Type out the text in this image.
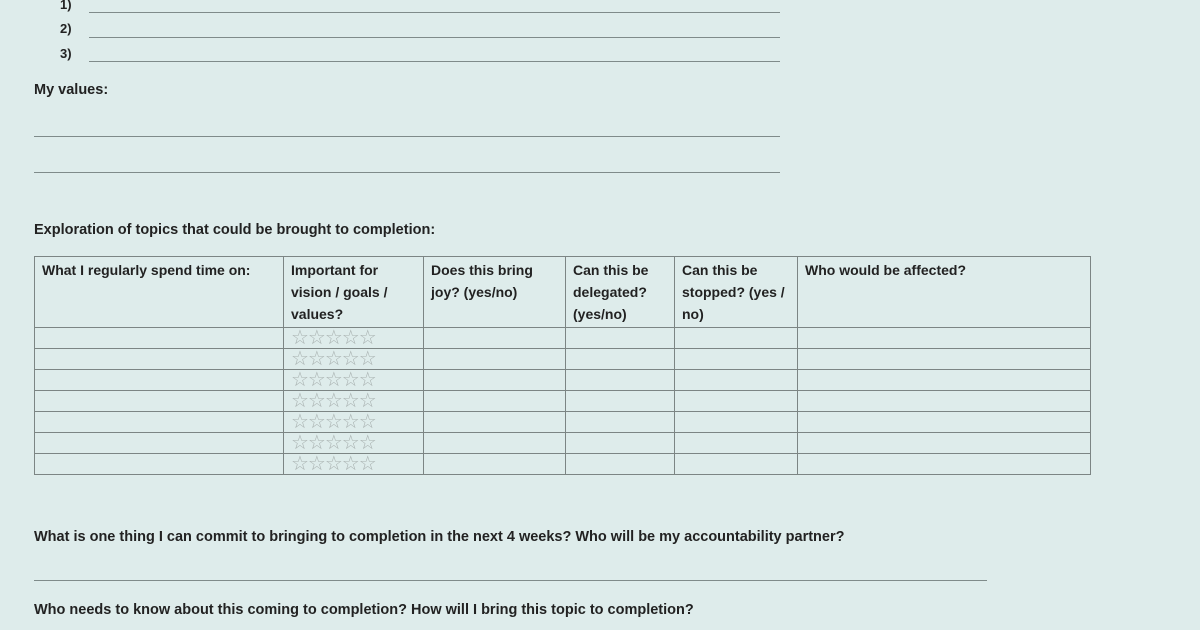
1)
2)
3)
My values:
Exploration of topics that could be brought to completion:
What I regularly spend time on:	Important for vision / goals / values?	Does this bring joy? (yes/no)	Can this be delegated? (yes/no)	Can this be stopped? (yes / no)	Who would be affected?
	☆☆☆☆☆				
	☆☆☆☆☆				
	☆☆☆☆☆				
	☆☆☆☆☆				
	☆☆☆☆☆				
	☆☆☆☆☆				
	☆☆☆☆☆				
What is one thing I can commit to bringing to completion in the next 4 weeks? Who will be my accountability partner?
Who needs to know about this coming to completion? How will I bring this topic to completion?
